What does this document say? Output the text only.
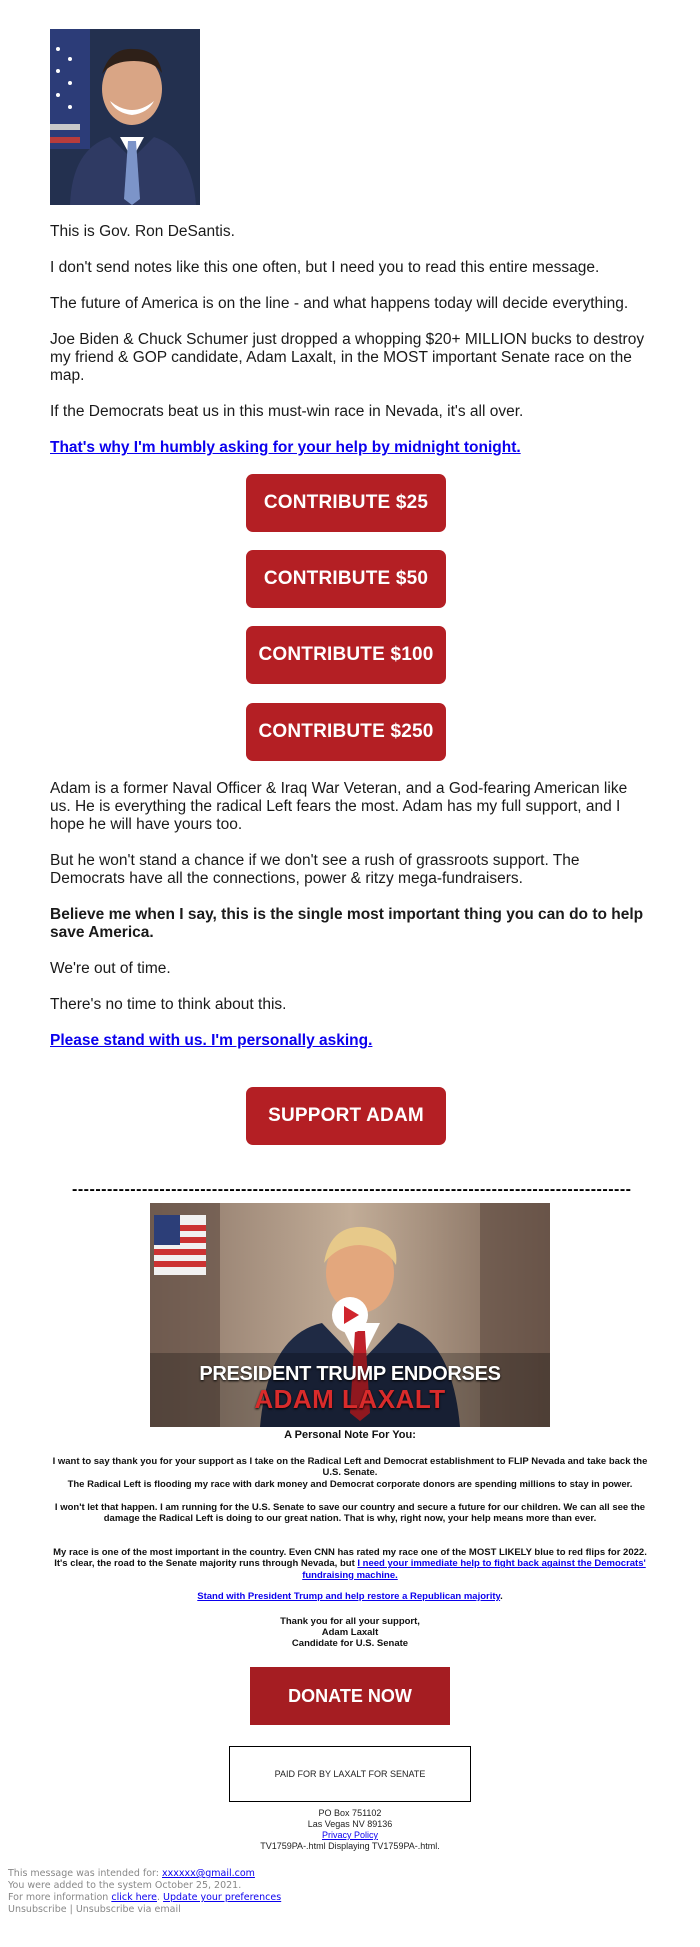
This is Gov. Ron DeSantis.
I don't send notes like this one often, but I need you to read this entire message.
The future of America is on the line - and what happens today will decide everything.
Joe Biden & Chuck Schumer just dropped a whopping $20+ MILLION bucks to destroy my friend & GOP candidate, Adam Laxalt, in the MOST important Senate race on the map.
If the Democrats beat us in this must-win race in Nevada, it's all over.
That's why I'm humbly asking for your help by midnight tonight.
CONTRIBUTE $25
CONTRIBUTE $50
CONTRIBUTE $100
CONTRIBUTE $250
Adam is a former Naval Officer & Iraq War Veteran, and a God-fearing American like us. He is everything the radical Left fears the most. Adam has my full support, and I hope he will have yours too.
But he won't stand a chance if we don't see a rush of grassroots support. The Democrats have all the connections, power & ritzy mega-fundraisers.
Believe me when I say, this is the single most important thing you can do to help save America.
We're out of time.
There's no time to think about this.
Please stand with us. I'm personally asking.
SUPPORT ADAM
------------------------------------------------------------------------------------------------
PRESIDENT TRUMP ENDORSES
ADAM LAXALT
A Personal Note For You:
I want to say thank you for your support as I take on the Radical Left and Democrat establishment to FLIP Nevada and take back the U.S. Senate.
The Radical Left is flooding my race with dark money and Democrat corporate donors are spending millions to stay in power.
I won't let that happen. I am running for the U.S. Senate to save our country and secure a future for our children. We can all see the damage the Radical Left is doing to our great nation. That is why, right now, your help means more than ever.
My race is one of the most important in the country. Even CNN has rated my race one of the MOST LIKELY blue to red flips for 2022. It's clear, the road to the Senate majority runs through Nevada, but I need your immediate help to fight back against the Democrats' fundraising machine.
Stand with President Trump and help restore a Republican majority.
Thank you for all your support,
Adam Laxalt
Candidate for U.S. Senate
DONATE NOW
PAID FOR BY LAXALT FOR SENATE
PO Box 751102
Las Vegas NV 89136
Privacy Policy
TV1759PA-.html Displaying TV1759PA-.html.
This message was intended for: xxxxxx@gmail.com
You were added to the system October 25, 2021.
For more information click here. Update your preferences
Unsubscribe | Unsubscribe via email
